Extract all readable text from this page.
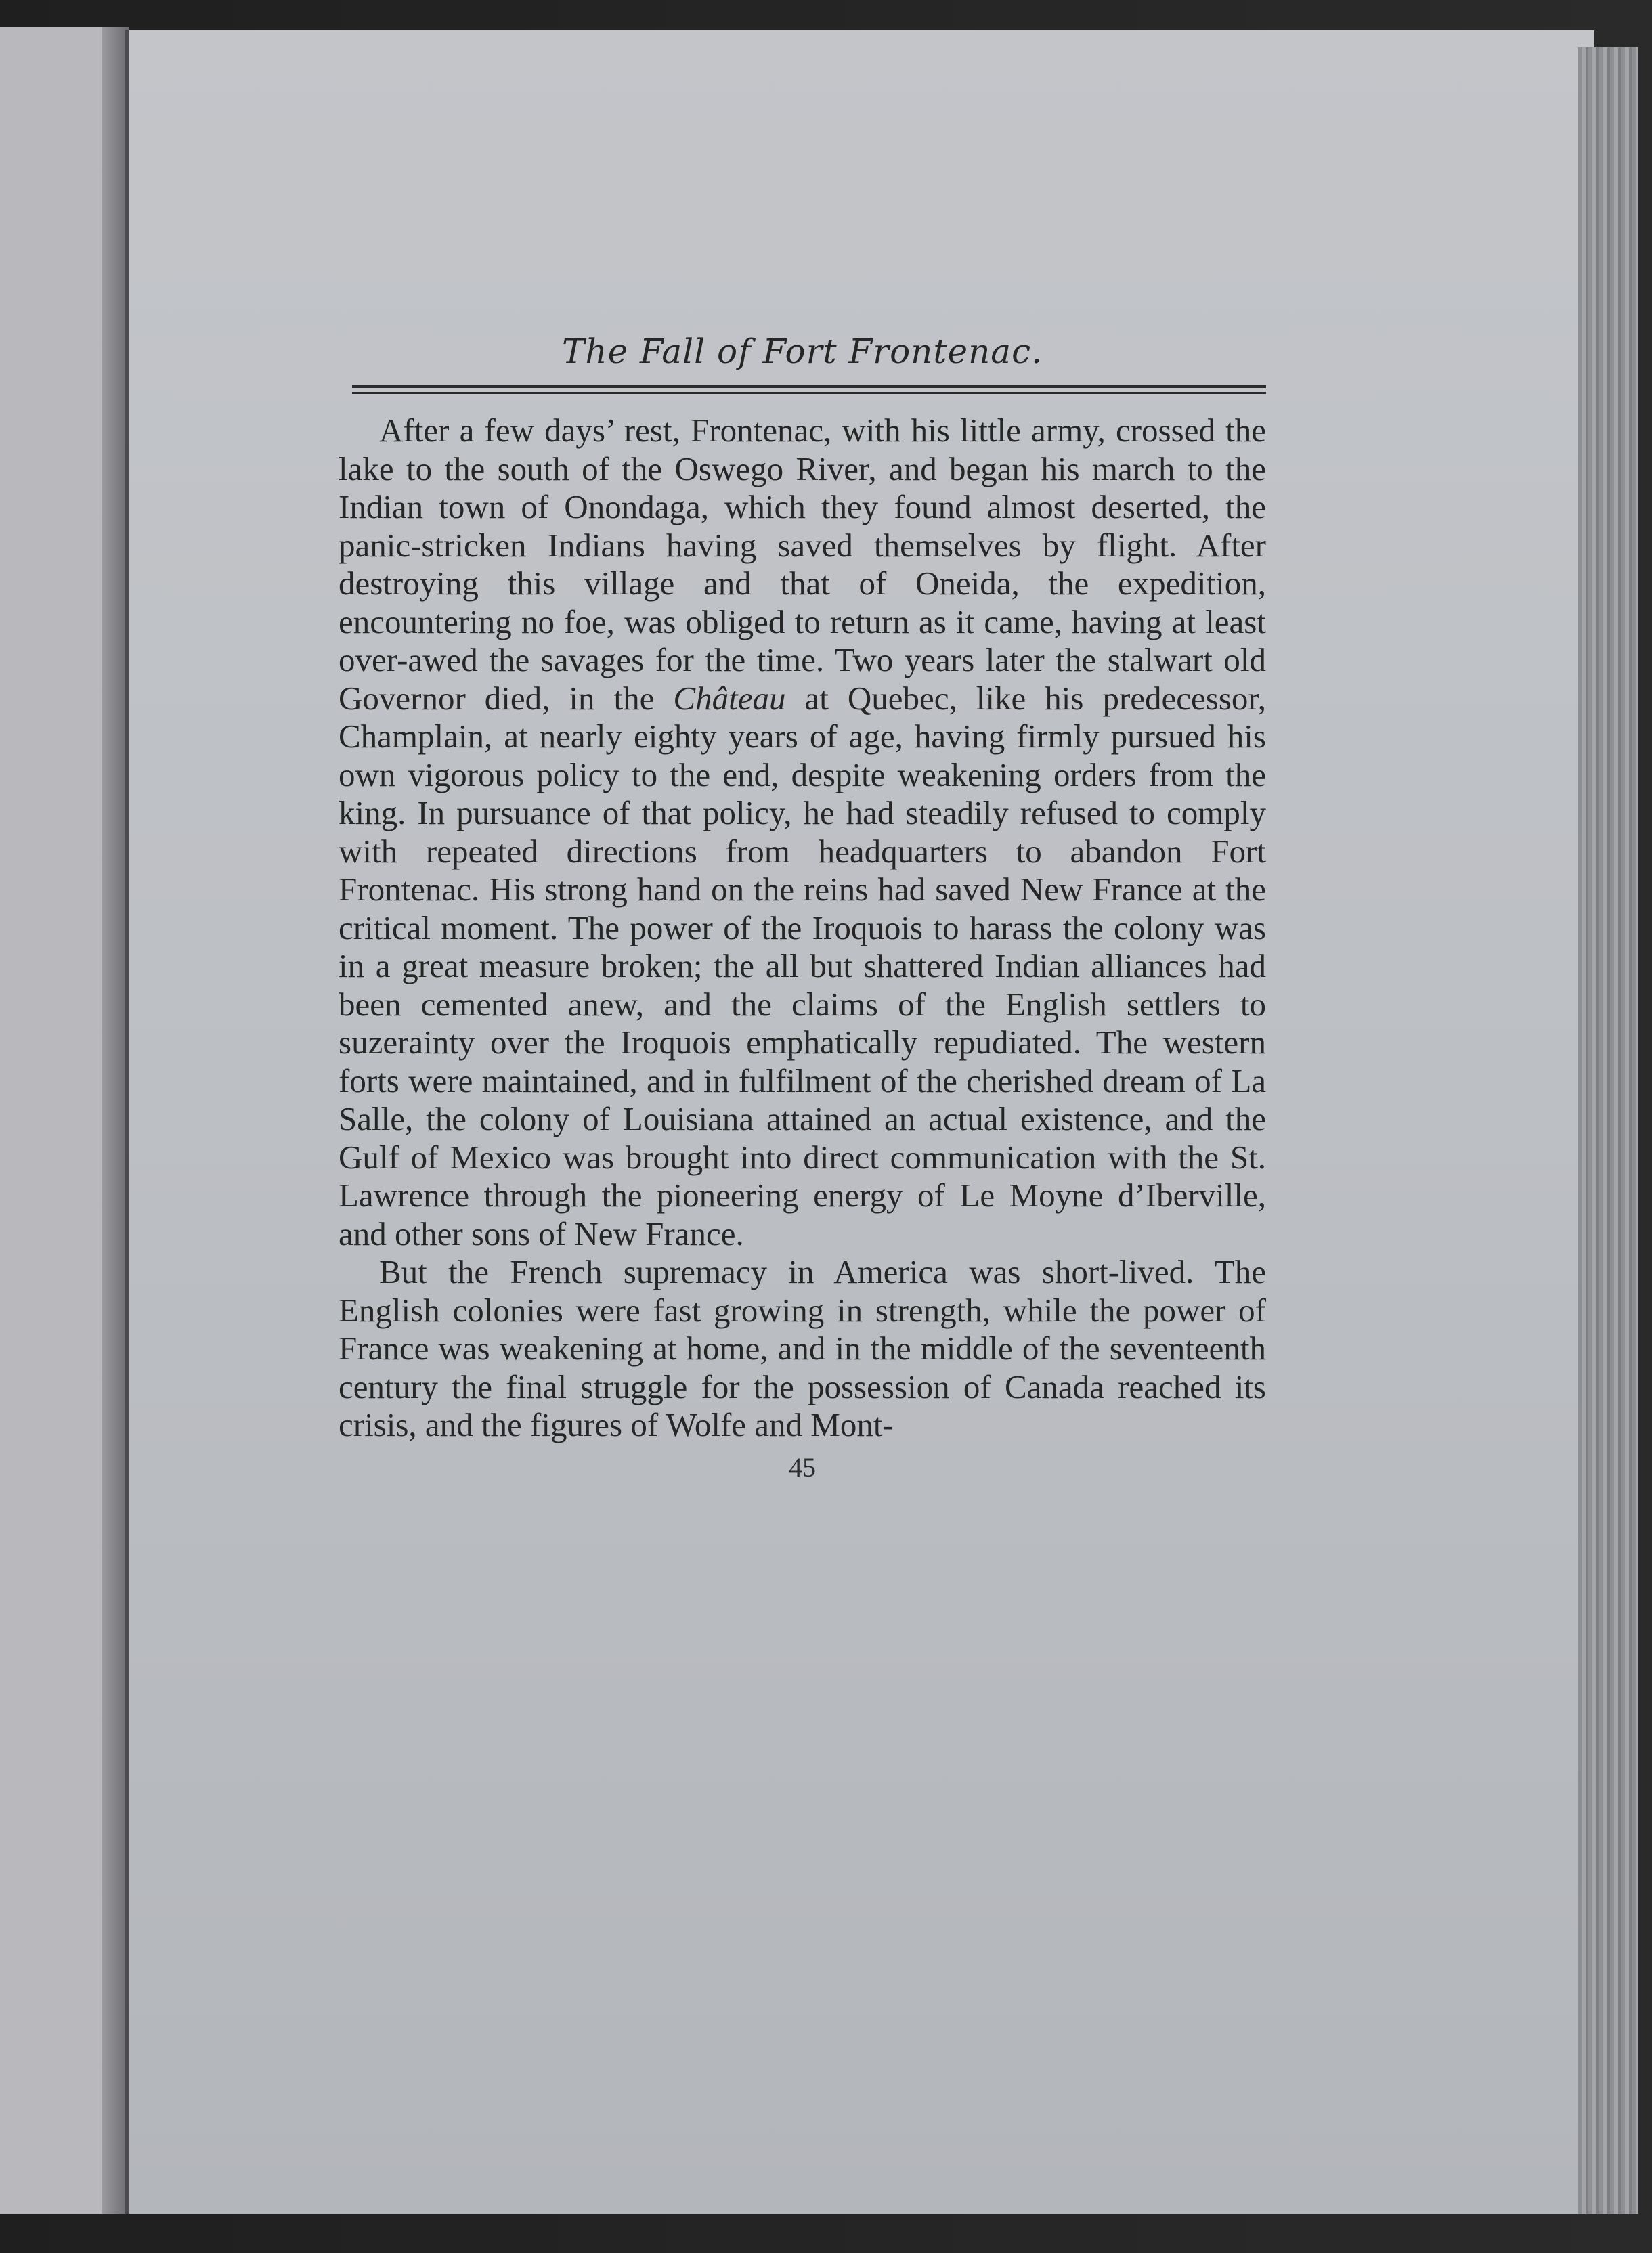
The Fall of Fort Frontenac.

After a few days’ rest, Frontenac, with his little army, crossed the lake to the south of the Oswego River, and began his march to the Indian town of Onondaga, which they found almost deserted, the panic-stricken Indians having saved themselves by flight. After destroying this village and that of Oneida, the expedition, encountering no foe, was obliged to return as it came, having at least over-awed the savages for the time. Two years later the stalwart old Governor died, in the Château at Quebec, like his predecessor, Champlain, at nearly eighty years of age, having firmly pursued his own vigorous policy to the end, despite weakening orders from the king. In pursuance of that policy, he had steadily refused to comply with repeated directions from headquarters to abandon Fort Frontenac. His strong hand on the reins had saved New France at the critical moment. The power of the Iroquois to harass the colony was in a great measure broken; the all but shattered Indian alliances had been cemented anew, and the claims of the English settlers to suzerainty over the Iroquois emphatically repudiated. The western forts were maintained, and in fulfilment of the cherished dream of La Salle, the colony of Louisiana attained an actual existence, and the Gulf of Mexico was brought into direct communication with the St. Lawrence through the pioneering energy of Le Moyne d’Iberville, and other sons of New France.

But the French supremacy in America was short-lived. The English colonies were fast growing in strength, while the power of France was weakening at home, and in the middle of the seventeenth century the final struggle for the possession of Canada reached its crisis, and the figures of Wolfe and Mont-

45
